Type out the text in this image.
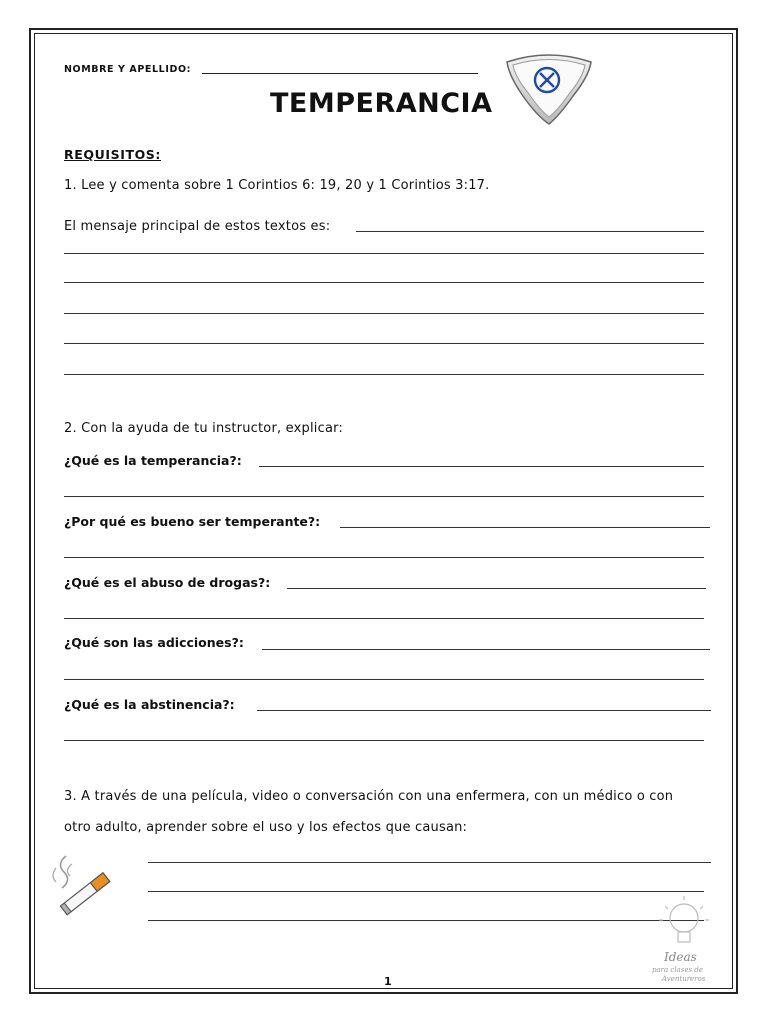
NOMBRE Y APELLIDO:
TEMPERANCIA
REQUISITOS:
1. Lee y comenta sobre 1 Corintios 6: 19, 20 y 1 Corintios 3:17.
El mensaje principal de estos textos es:
2. Con la ayuda de tu instructor, explicar:
¿Qué es la temperancia?:
¿Por qué es bueno ser temperante?:
¿Qué es el abuso de drogas?:
¿Qué son las adicciones?:
¿Qué es la abstinencia?:
3. A través de una película, video o conversación con una enfermera, con un médico o con
otro adulto, aprender sobre el uso y los efectos que causan:
Ideas
para clases de
Aventureros
1
